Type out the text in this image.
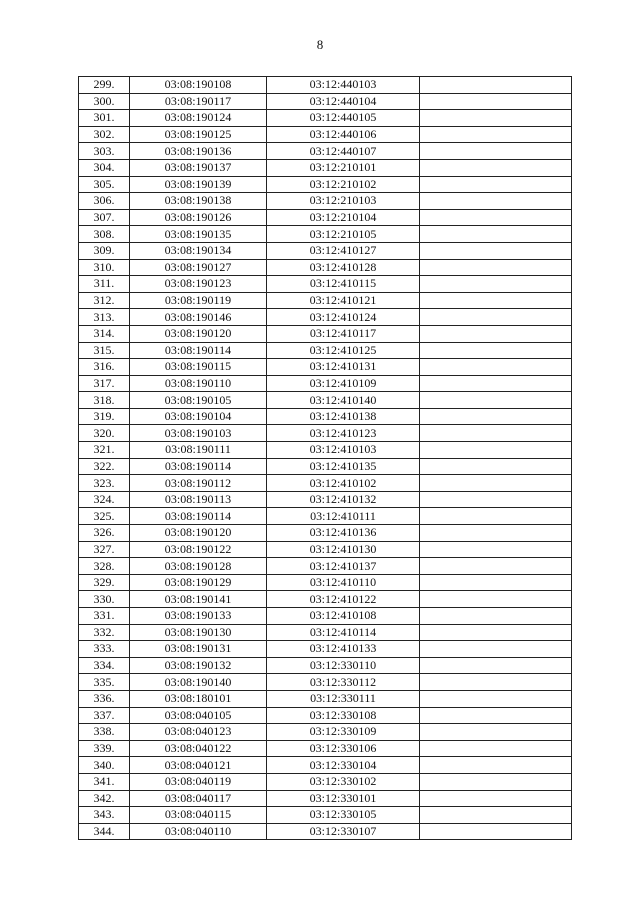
8
299.	03:08:190108	03:12:440103	
300.	03:08:190117	03:12:440104	
301.	03:08:190124	03:12:440105	
302.	03:08:190125	03:12:440106	
303.	03:08:190136	03:12:440107	
304.	03:08:190137	03:12:210101	
305.	03:08:190139	03:12:210102	
306.	03:08:190138	03:12:210103	
307.	03:08:190126	03:12:210104	
308.	03:08:190135	03:12:210105	
309.	03:08:190134	03:12:410127	
310.	03:08:190127	03:12:410128	
311.	03:08:190123	03:12:410115	
312.	03:08:190119	03:12:410121	
313.	03:08:190146	03:12:410124	
314.	03:08:190120	03:12:410117	
315.	03:08:190114	03:12:410125	
316.	03:08:190115	03:12:410131	
317.	03:08:190110	03:12:410109	
318.	03:08:190105	03:12:410140	
319.	03:08:190104	03:12:410138	
320.	03:08:190103	03:12:410123	
321.	03:08:190111	03:12:410103	
322.	03:08:190114	03:12:410135	
323.	03:08:190112	03:12:410102	
324.	03:08:190113	03:12:410132	
325.	03:08:190114	03:12:410111	
326.	03:08:190120	03:12:410136	
327.	03:08:190122	03:12:410130	
328.	03:08:190128	03:12:410137	
329.	03:08:190129	03:12:410110	
330.	03:08:190141	03:12:410122	
331.	03:08:190133	03:12:410108	
332.	03:08:190130	03:12:410114	
333.	03:08:190131	03:12:410133	
334.	03:08:190132	03:12:330110	
335.	03:08:190140	03:12:330112	
336.	03:08:180101	03:12:330111	
337.	03:08:040105	03:12:330108	
338.	03:08:040123	03:12:330109	
339.	03:08:040122	03:12:330106	
340.	03:08:040121	03:12:330104	
341.	03:08:040119	03:12:330102	
342.	03:08:040117	03:12:330101	
343.	03:08:040115	03:12:330105	
344.	03:08:040110	03:12:330107	
